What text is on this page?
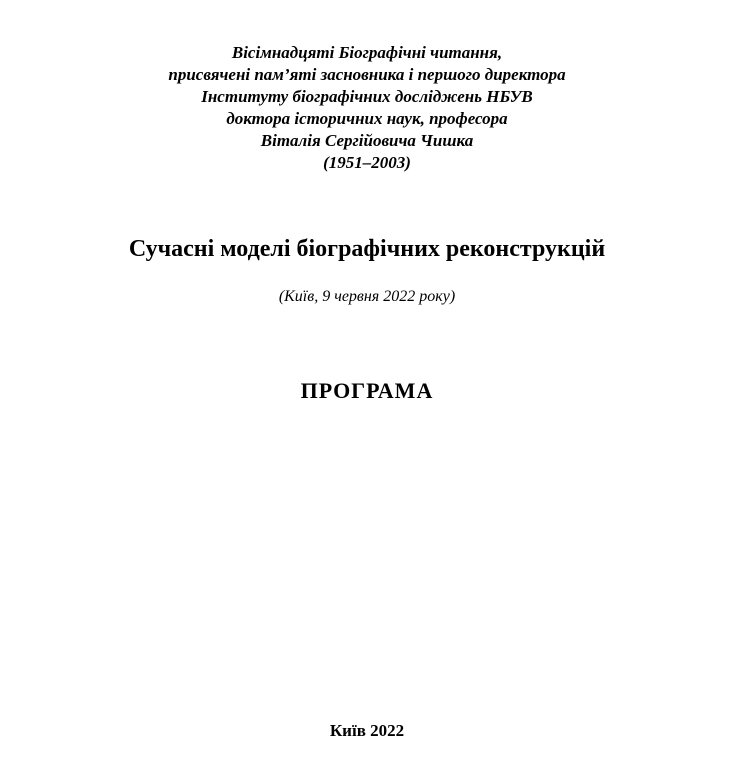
Вісімнадцяті Біографічні читання,
присвячені пам’яті засновника і першого директора
Інституту біографічних досліджень НБУВ
доктора історичних наук, професора
Віталія Сергійовича Чишка
(1951–2003)
Сучасні моделі біографічних реконструкцій
(Київ, 9 червня 2022 року)
ПРОГРАМА
Київ 2022
